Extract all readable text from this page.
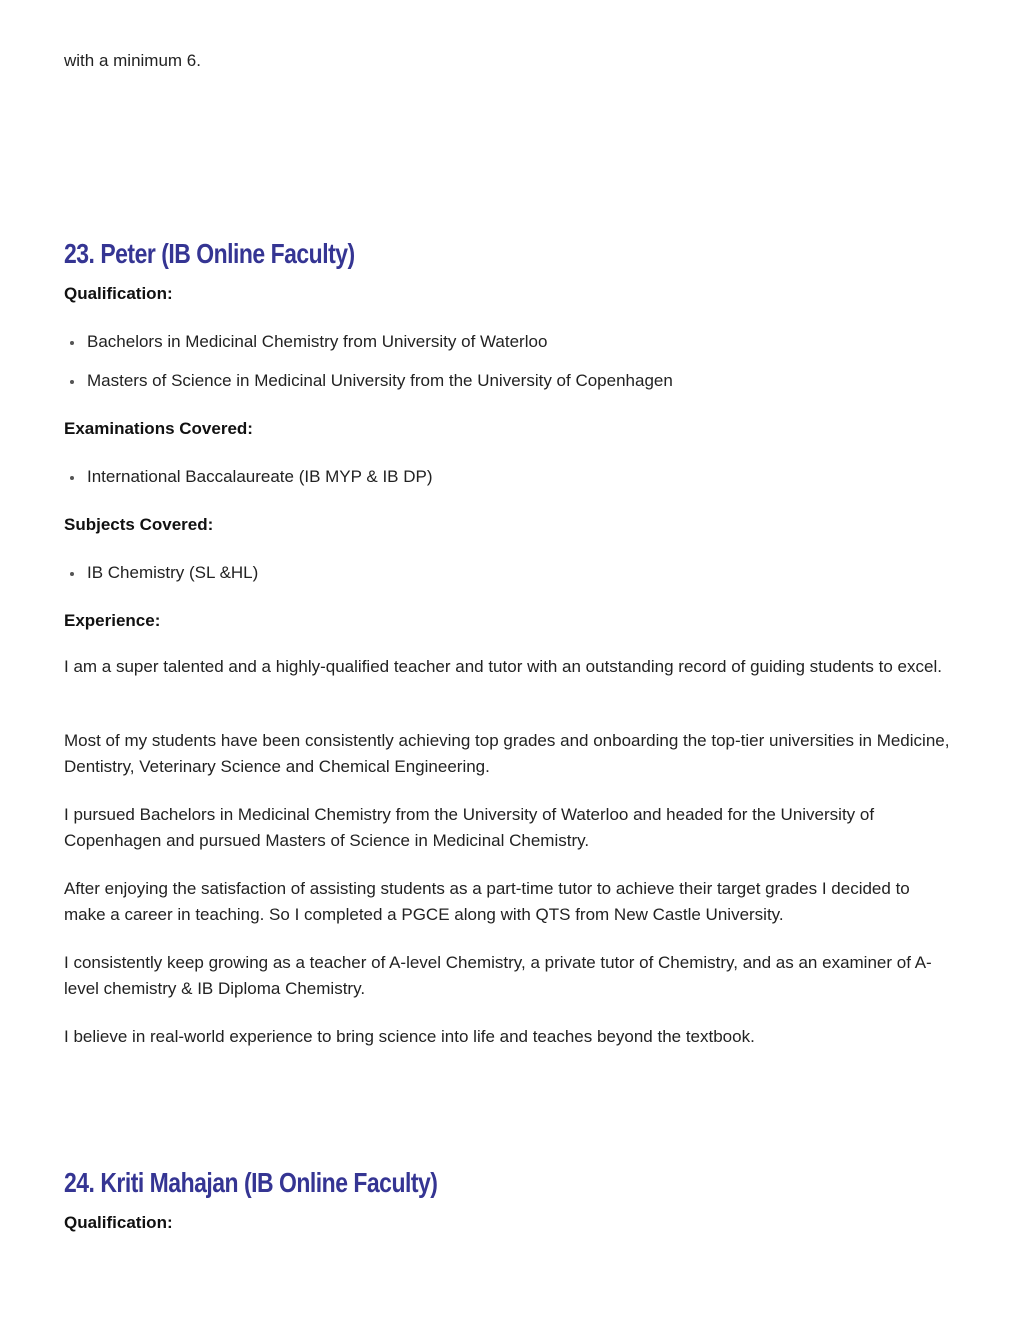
with a minimum 6.

23. Peter (IB Online Faculty)

Qualification:

Bachelors in Medicinal Chemistry from University of Waterloo
Masters of Science in Medicinal University from the University of Copenhagen

Examinations Covered:

International Baccalaureate (IB MYP & IB DP)

Subjects Covered:

IB Chemistry (SL &HL)

Experience:

I am a super talented and a highly-qualified teacher and tutor with an outstanding record of guiding students to excel.

Most of my students have been consistently achieving top grades and onboarding the top-tier universities in Medicine, Dentistry, Veterinary Science and Chemical Engineering.

I pursued Bachelors in Medicinal Chemistry from the University of Waterloo and headed for the University of Copenhagen and pursued Masters of Science in Medicinal Chemistry.

After enjoying the satisfaction of assisting students as a part-time tutor to achieve their target grades I decided to make a career in teaching. So I completed a PGCE along with QTS from New Castle University.

I consistently keep growing as a teacher of A-level Chemistry, a private tutor of Chemistry, and as an examiner of A-level chemistry & IB Diploma Chemistry.

I believe in real-world experience to bring science into life and teaches beyond the textbook.

24. Kriti Mahajan (IB Online Faculty)

Qualification:
